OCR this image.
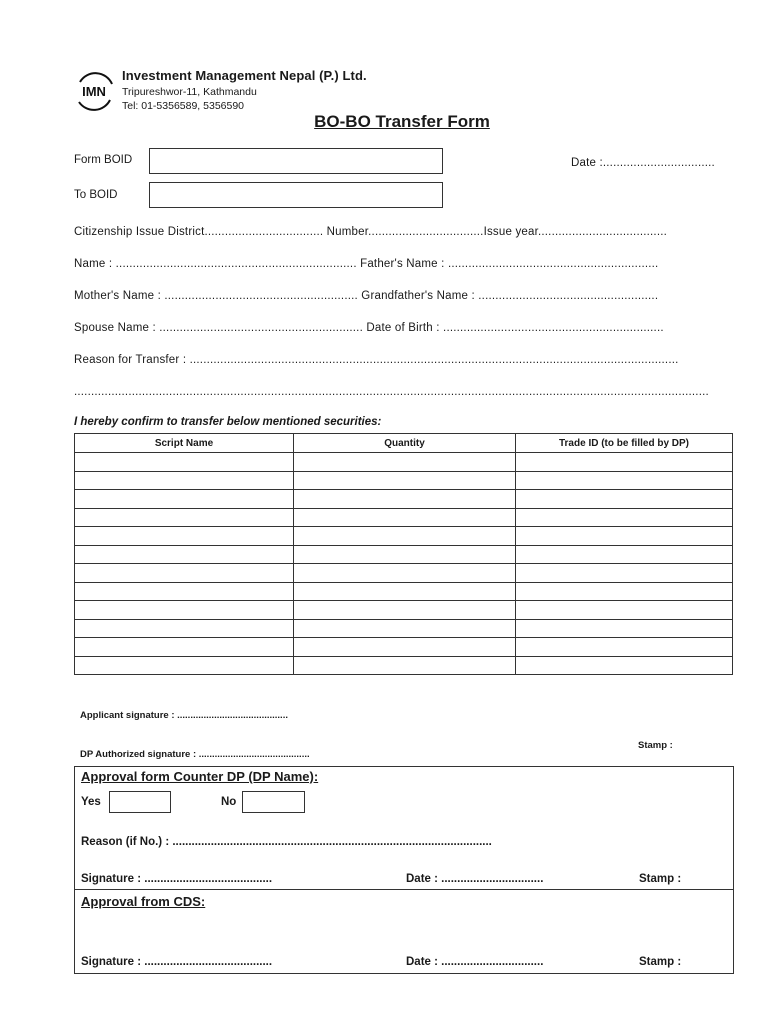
IMN
Investment Management Nepal (P.) Ltd.
Tripureshwor-11, Kathmandu
Tel: 01-5356589, 5356590
BO-BO Transfer Form
Form BOID	Date :.................................
To BOID
Citizenship Issue District................................... Number..................................Issue year......................................
Name : ....................................................................... Father's Name : ..............................................................
Mother's Name : ......................................................... Grandfather's Name : .....................................................
Spouse Name : ............................................................ Date of Birth : .................................................................
Reason for Transfer : ................................................................................................................................................
...........................................................................................................................................................................................
I hereby confirm to transfer below mentioned securities:
Script Name	Quantity	Trade ID (to be filled by DP)

Applicant signature : ..........................................
DP Authorized signature : ..........................................
Stamp :
Approval form Counter DP (DP Name):
Yes	No
Reason (if No.) : ....................................................................................................
Signature : ........................................	Date : ................................	Stamp :
Approval from CDS:
Signature : ........................................	Date : ................................	Stamp :
